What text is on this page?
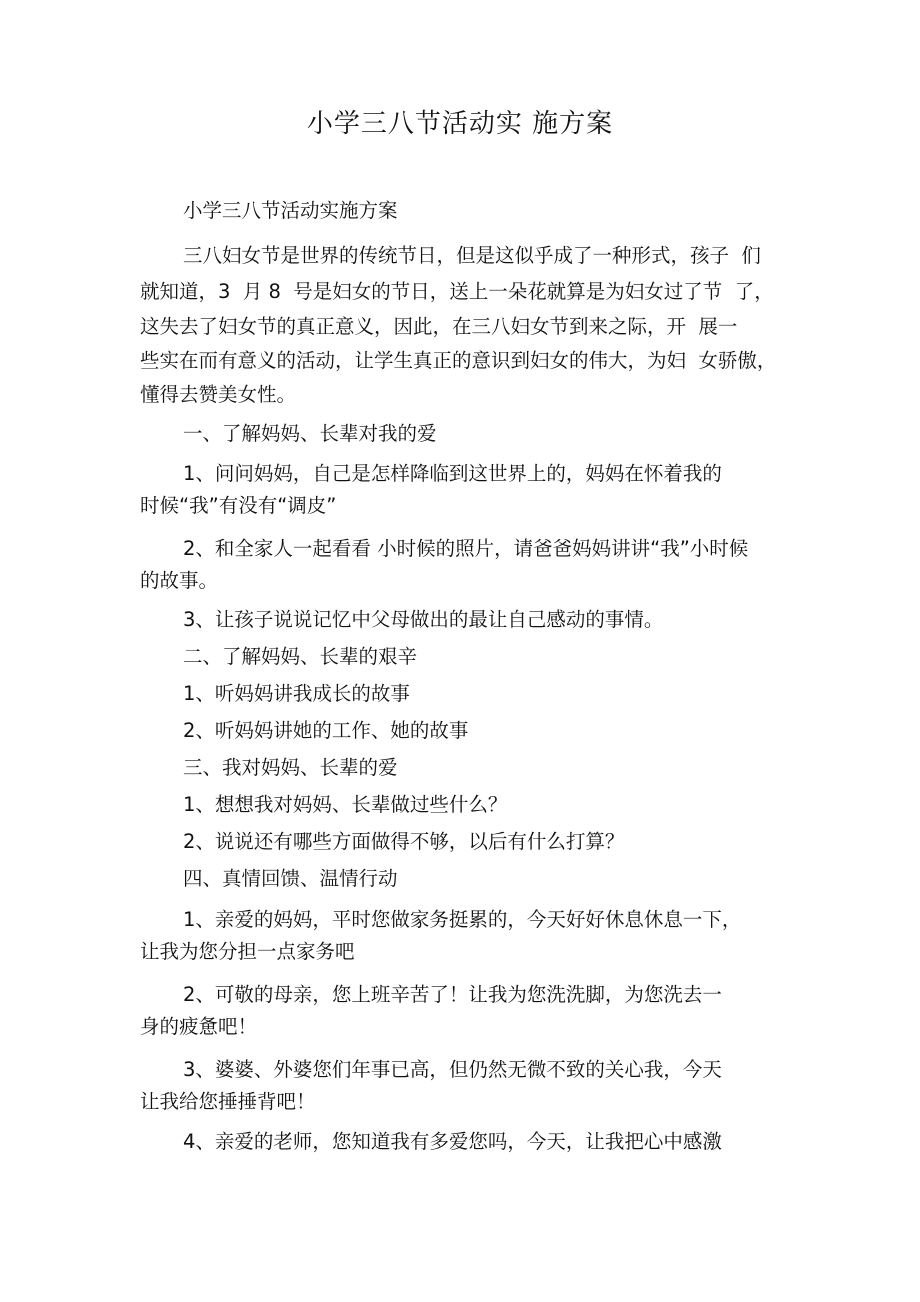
小学三八节活动实 施方案
小学三八节活动实施方案
三八妇女节是世界的传统节日，但是这似乎成了一种形式，孩子  们
就知道，3  月 8  号是妇女的节日，送上一朵花就算是为妇女过了节  了，
这失去了妇女节的真正意义，因此，在三八妇女节到来之际，开  展一
些实在而有意义的活动，让学生真正的意识到妇女的伟大，为妇  女骄傲，
懂得去赞美女性。
一、了解妈妈、长辈对我的爱
1、问问妈妈，自己是怎样降临到这世界上的，妈妈在怀着我的
时候“我”有没有“调皮”
2、和全家人一起看看 小时候的照片，请爸爸妈妈讲讲“我”小时候
的故事。
3、让孩子说说记忆中父母做出的最让自己感动的事情。
二、了解妈妈、长辈的艰辛
1、听妈妈讲我成长的故事
2、听妈妈讲她的工作、她的故事
三、我对妈妈、长辈的爱
1、想想我对妈妈、长辈做过些什么？
2、说说还有哪些方面做得不够，以后有什么打算？
四、真情回馈、温情行动
1、亲爱的妈妈，平时您做家务挺累的，今天好好休息休息一下，
让我为您分担一点家务吧
2、可敬的母亲，您上班辛苦了！让我为您洗洗脚，为您洗去一
身的疲惫吧！
3、婆婆、外婆您们年事已高，但仍然无微不致的关心我，今天
让我给您捶捶背吧！
4、亲爱的老师，您知道我有多爱您吗，今天，让我把心中感激
